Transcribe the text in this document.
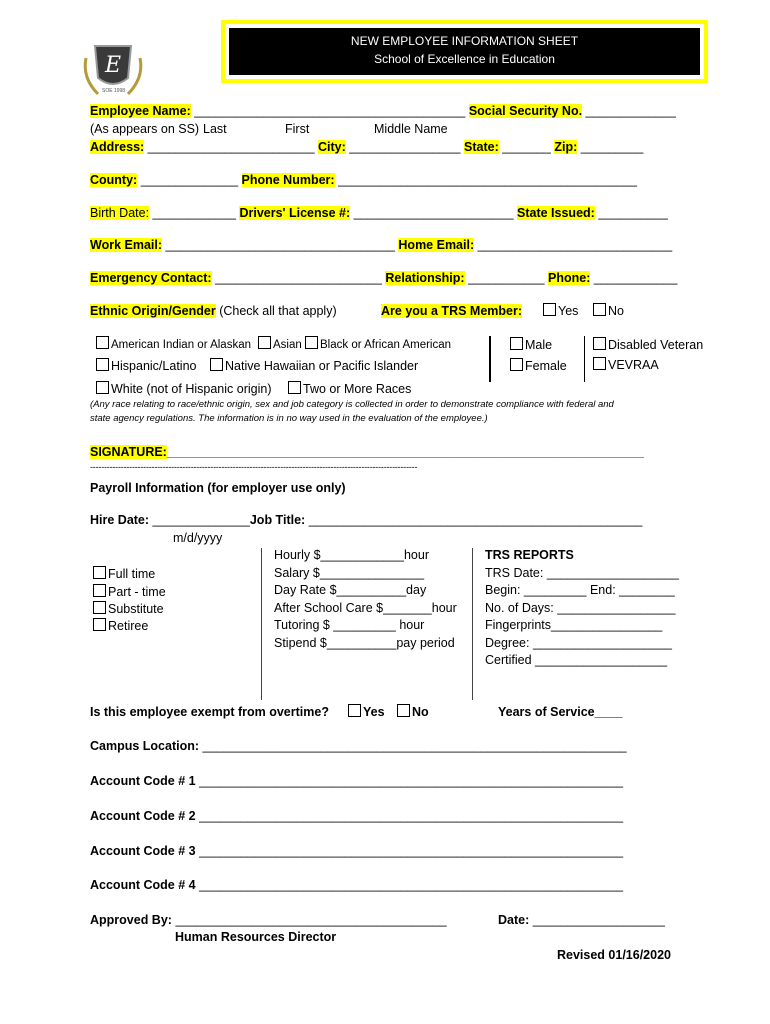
E
SOE 1998
NEW EMPLOYEE INFORMATION SHEET
School of Excellence in Education
Employee Name: _______________________________________ Social Security No. _____________
(As appears on SS) Last	First	Middle Name
Address: ________________________ City: ________________ State: _______ Zip: _________
County: ______________ Phone Number: ___________________________________________
Birth Date: ____________ Drivers' License #: _______________________ State Issued: __________
Work Email: _________________________________ Home Email: ____________________________
Emergency Contact: ________________________ Relationship: ___________ Phone: ____________
Ethnic Origin/Gender (Check all that apply)	Are you a TRS Member:	Yes	No
American Indian or Alaskan	Asian	Black or African American
Hispanic/Latino	Native Hawaiian or Pacific Islander
White (not of Hispanic origin)	Two or More Races
Male
Female
Disabled Veteran
VEVRAA
(Any race relating to race/ethnic origin, sex and job category is collected in order to demonstrate compliance with federal and
state agency regulations. The information is in no way used in the evaluation of the employee.)
SIGNATURE:______________________________________________________________________________
---------------------------------------------------------------------------------------------------------------------
Payroll Information (for employer use only)
Hire Date: ______________Job Title: ________________________________________________
m/d/yyyy
Full time
Part - time
Substitute
Retiree
Hourly $____________hour
Salary $_______________
Day Rate $__________day
After School Care $_______hour
Tutoring $ _________ hour
Stipend $__________pay period
TRS REPORTS
TRS Date: ___________________
Begin: _________ End: ________
No. of Days: _________________
Fingerprints________________
Degree: ____________________
Certified ___________________
Is this employee exempt from overtime?	Yes	No	Years of Service____
Campus Location: _____________________________________________________________
Account Code # 1 _____________________________________________________________
Account Code # 2 _____________________________________________________________
Account Code # 3 _____________________________________________________________
Account Code # 4 _____________________________________________________________
Approved By: _______________________________________	Date: ___________________
Human Resources Director
Revised 01/16/2020
